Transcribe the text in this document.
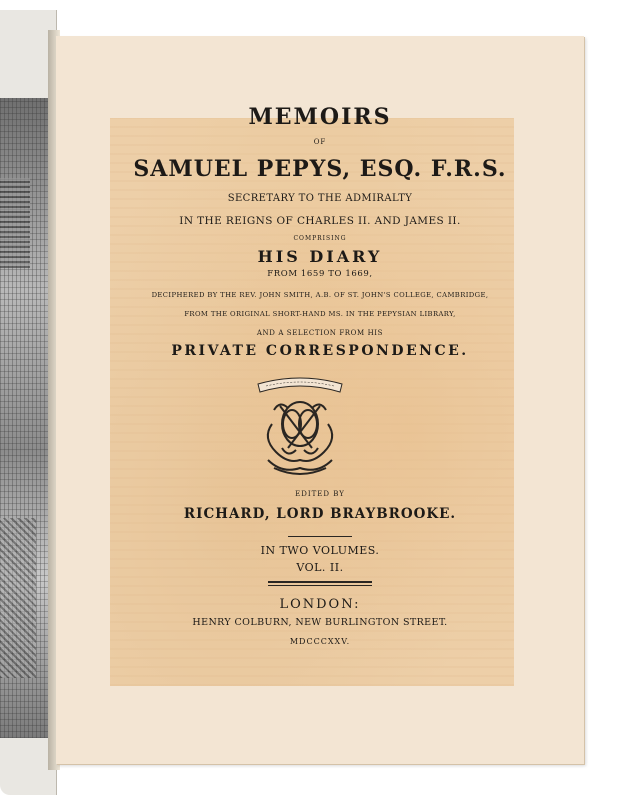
MEMOIRS
OF
SAMUEL PEPYS, ESQ. F.R.S.
SECRETARY TO THE ADMIRALTY
IN THE REIGNS OF CHARLES II. AND JAMES II.
COMPRISING
HIS DIARY
FROM 1659 TO 1669,
DECIPHERED BY THE REV. JOHN SMITH, A.B. OF ST. JOHN'S COLLEGE, CAMBRIDGE,
FROM THE ORIGINAL SHORT-HAND MS. IN THE PEPYSIAN LIBRARY,
AND A SELECTION FROM HIS
PRIVATE CORRESPONDENCE.
EDITED BY
RICHARD, LORD BRAYBROOKE.
IN TWO VOLUMES.
VOL. II.
LONDON:
HENRY COLBURN, NEW BURLINGTON STREET.
MDCCCXXV.
